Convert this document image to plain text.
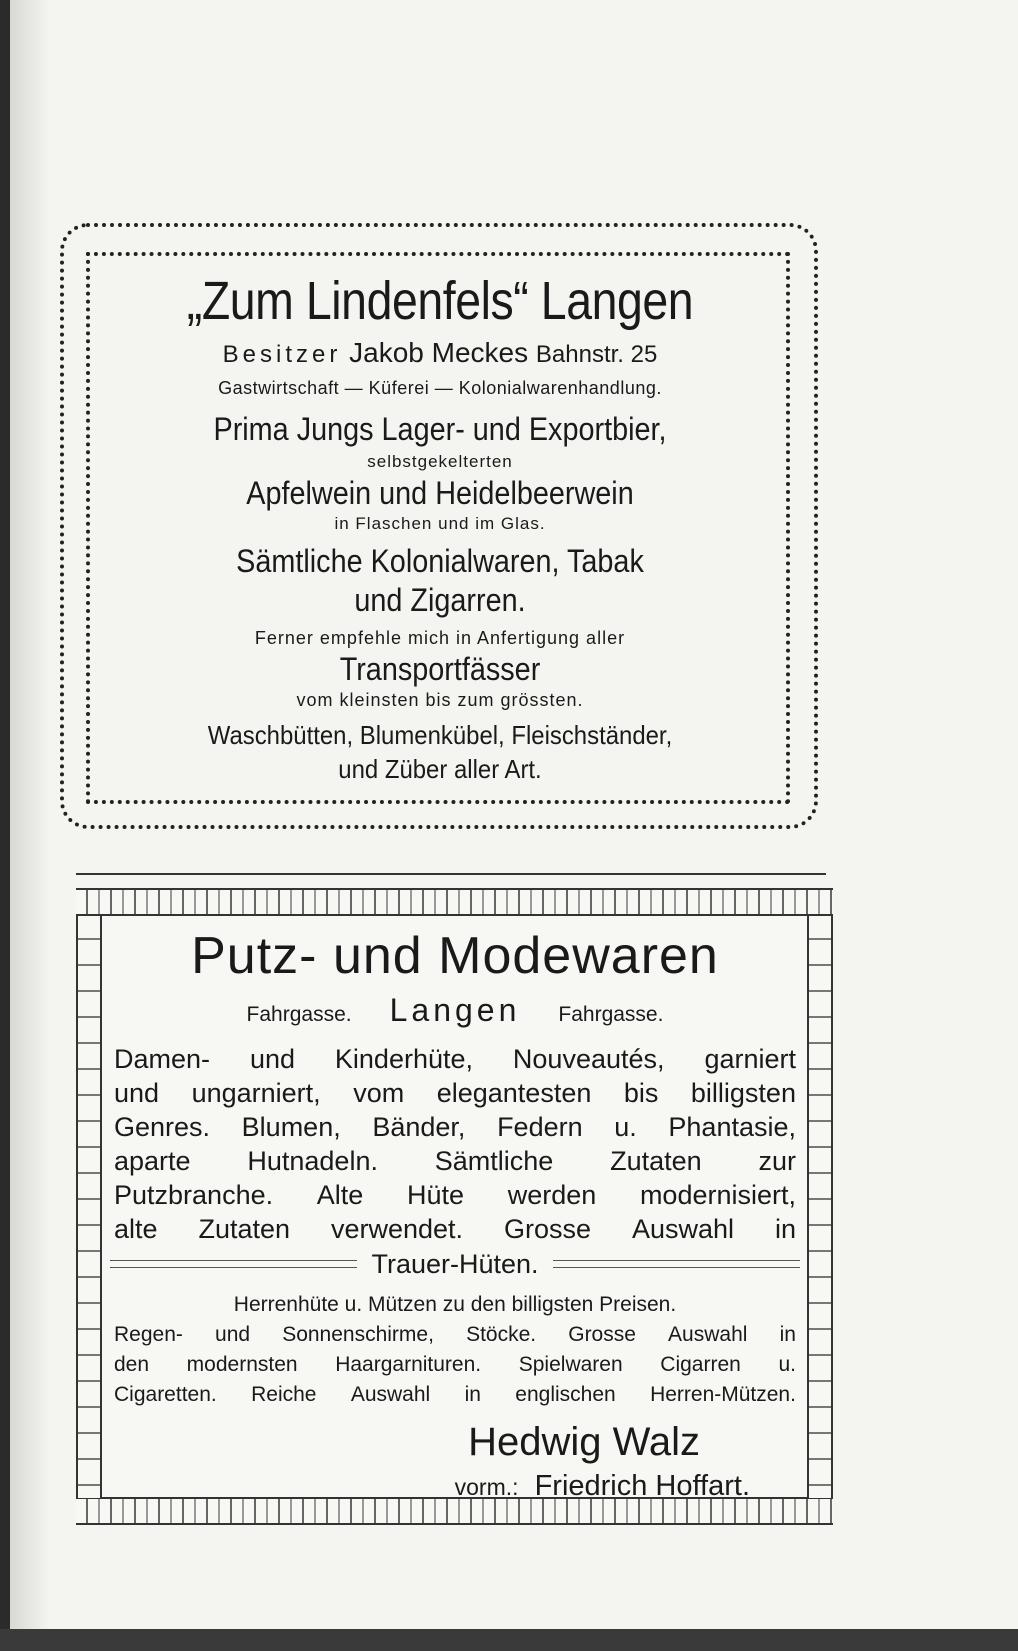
„Zum Lindenfels“ Langen
Besitzer Jakob Meckes Bahnstr. 25
Gastwirtschaft — Küferei — Kolonialwarenhandlung.
Prima Jungs Lager- und Exportbier,
selbstgekelterten
Apfelwein und Heidelbeerwein
in Flaschen und im Glas.
Sämtliche Kolonialwaren, Tabak
und Zigarren.
Ferner empfehle mich in Anfertigung aller
Transportfässer
vom kleinsten bis zum grössten.
Waschbütten, Blumenkübel, Fleischständer,
und Züber aller Art.
Putz- und Modewaren
Fahrgasse. Langen Fahrgasse.
Damen- und Kinderhüte, Nouveautés, garniert
und ungarniert, vom elegantesten bis billigsten
Genres. Blumen, Bänder, Federn u. Phantasie,
aparte Hutnadeln. Sämtliche Zutaten zur
Putzbranche. Alte Hüte werden modernisiert,
alte Zutaten verwendet. Grosse Auswahl in
Trauer-Hüten.
Herrenhüte u. Mützen zu den billigsten Preisen.
Regen- und Sonnenschirme, Stöcke. Grosse Auswahl in
den modernsten Haargarnituren. Spielwaren Cigarren u.
Cigaretten. Reiche Auswahl in englischen Herren-Mützen.
Hedwig Walz
vorm.: Friedrich Hoffart.
